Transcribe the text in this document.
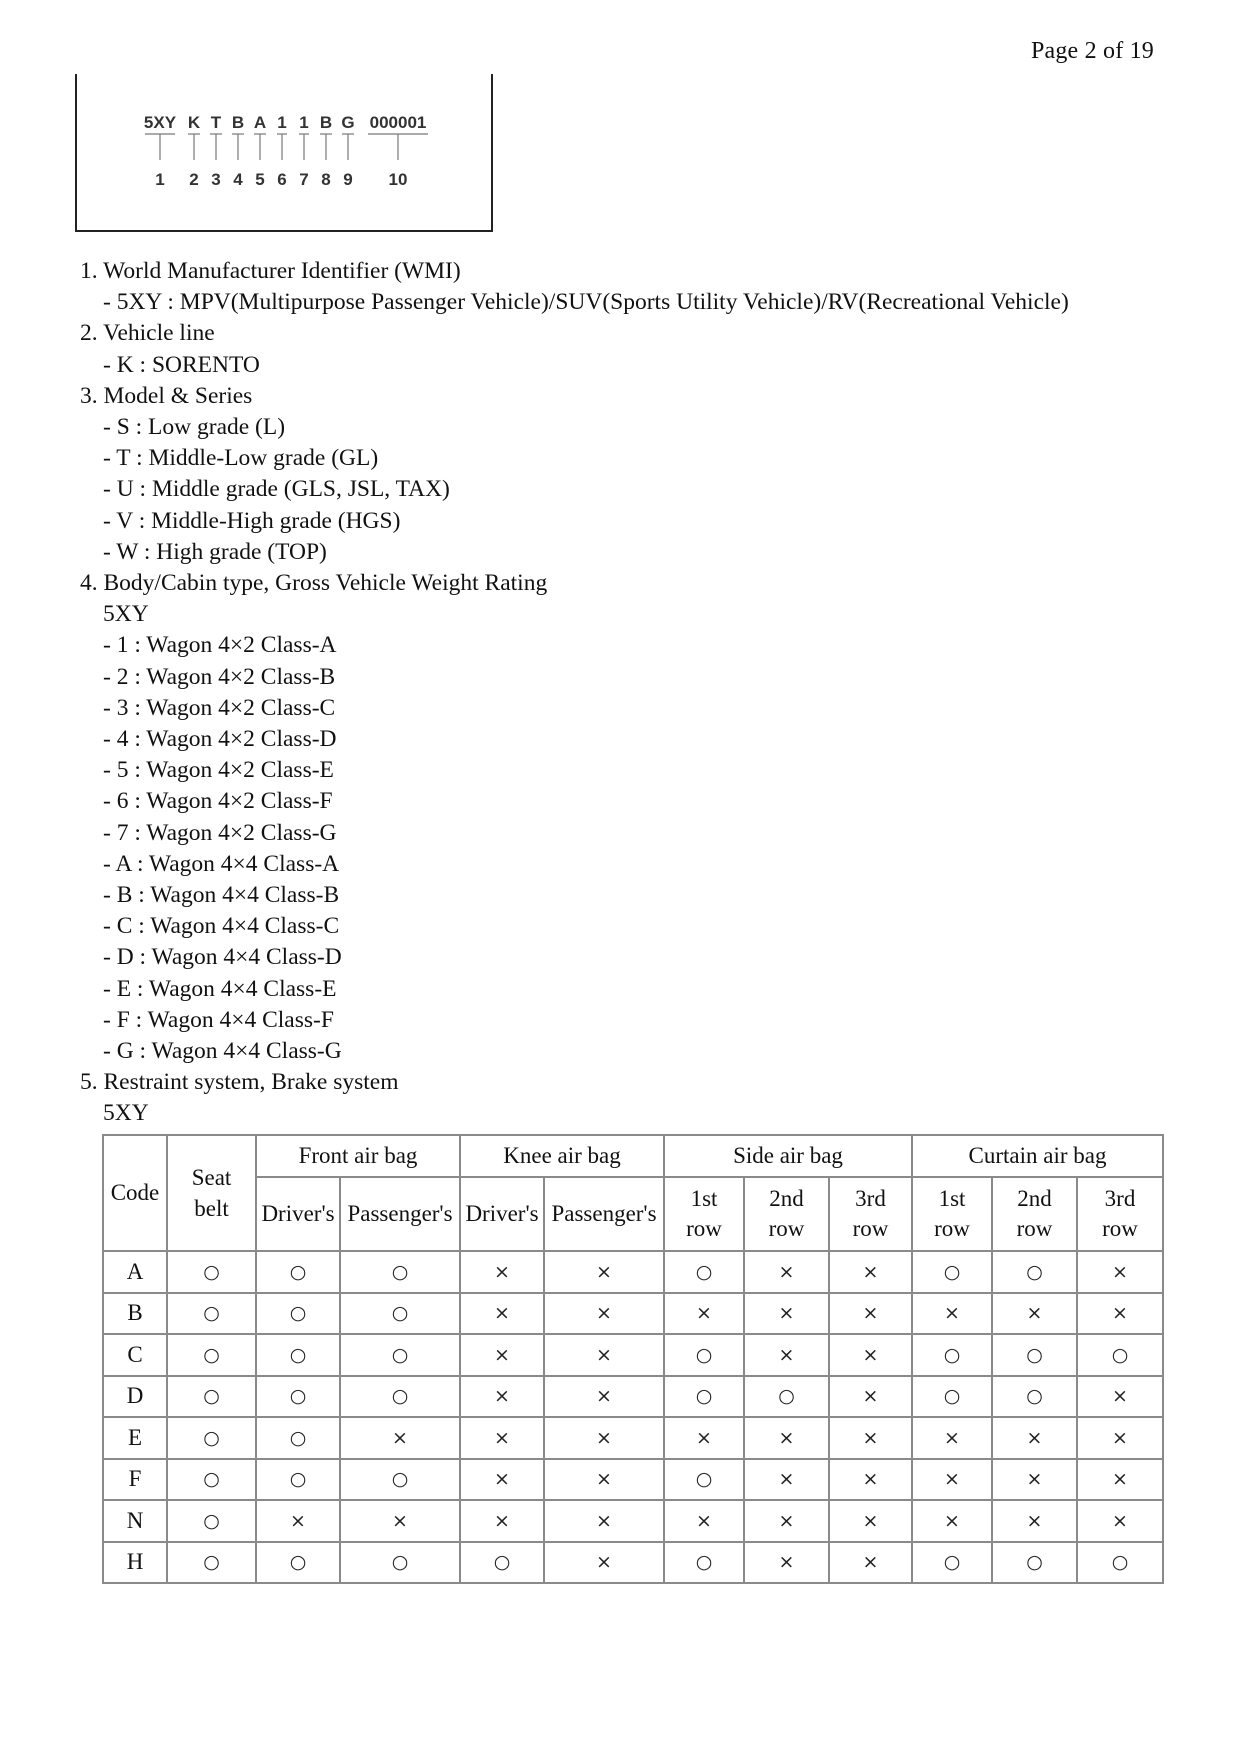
Page 2 of 19
5XY K T B A 1 1 B G 000001
1 2 3 4 5 6 7 8 9 10
1. World Manufacturer Identifier (WMI)
- 5XY : MPV(Multipurpose Passenger Vehicle)/SUV(Sports Utility Vehicle)/RV(Recreational Vehicle)
2. Vehicle line
- K : SORENTO
3. Model & Series
- S : Low grade (L)
- T : Middle-Low grade (GL)
- U : Middle grade (GLS, JSL, TAX)
- V : Middle-High grade (HGS)
- W : High grade (TOP)
4. Body/Cabin type, Gross Vehicle Weight Rating
5XY
- 1 : Wagon 4×2 Class-A
- 2 : Wagon 4×2 Class-B
- 3 : Wagon 4×2 Class-C
- 4 : Wagon 4×2 Class-D
- 5 : Wagon 4×2 Class-E
- 6 : Wagon 4×2 Class-F
- 7 : Wagon 4×2 Class-G
- A : Wagon 4×4 Class-A
- B : Wagon 4×4 Class-B
- C : Wagon 4×4 Class-C
- D : Wagon 4×4 Class-D
- E : Wagon 4×4 Class-E
- F : Wagon 4×4 Class-F
- G : Wagon 4×4 Class-G
5. Restraint system, Brake system
5XY
Code	Seat belt	Front air bag		Knee air bag		Side air bag			Curtain air bag		
		Driver's	Passenger's	Driver's	Passenger's	1st row	2nd row	3rd row	1st row	2nd row	3rd row
A	○	○	○	×	×	○	×	×	○	○	×
B	○	○	○	×	×	×	×	×	×	×	×
C	○	○	○	×	×	○	×	×	○	○	○
D	○	○	○	×	×	○	○	×	○	○	×
E	○	○	×	×	×	×	×	×	×	×	×
F	○	○	○	×	×	○	×	×	×	×	×
N	○	×	×	×	×	×	×	×	×	×	×
H	○	○	○	○	×	○	×	×	○	○	○
